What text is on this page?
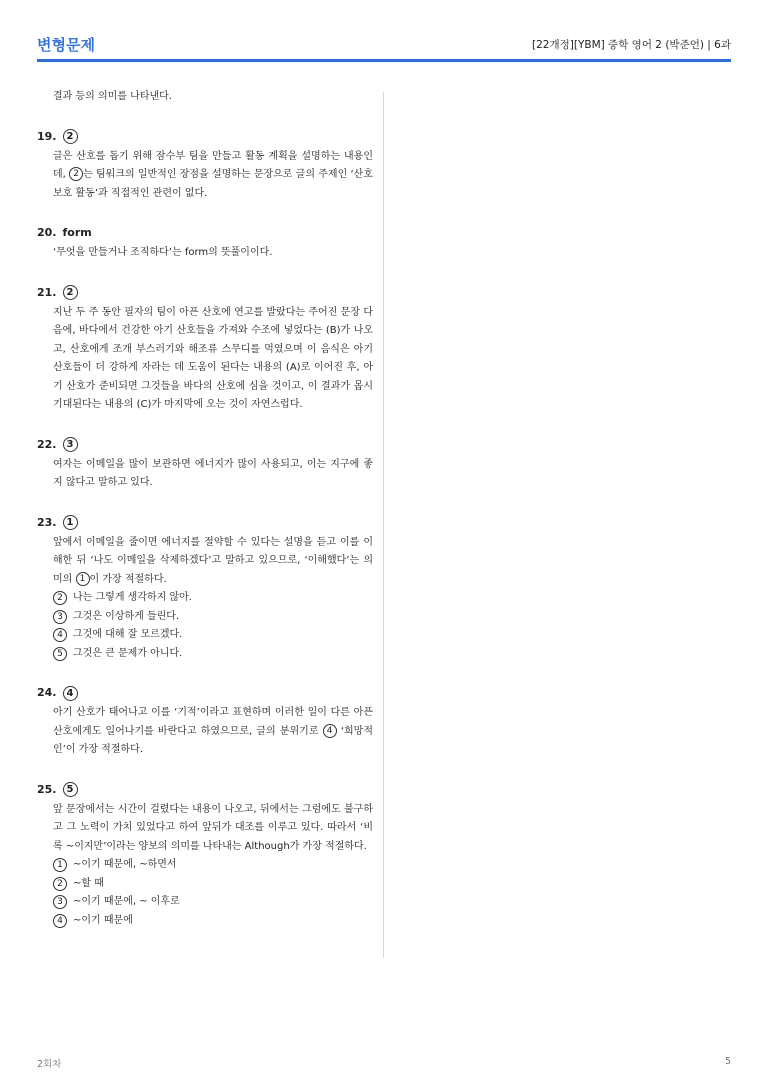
변형문제	[22개정][YBM] 중학 영어 2 (박준언) | 6과

결과 등의 의미를 나타낸다.

19.	2

글은 산호를 돕기 위해 잠수부 팀을 만들고 활동 계획을 설명하는 내용인데, 2 는 팀워크의 일반적인 장점을 설명하는 문장으로 글의 주제인 ‘산호 보호 활동’과 직접적인 관련이 없다.

20. form

‘무엇을 만들거나 조직하다’는 form의 뜻풀이이다.

21.	2

지난 두 주 동안 필자의 팀이 아픈 산호에 연고를 발랐다는 주어진 문장 다음에, 바다에서 건강한 아기 산호들을 가져와 수조에 넣었다는 (B)가 나오고, 산호에게 조개 부스러기와 해조류 스무디를 먹였으며 이 음식은 아기 산호들이 더 강하게 자라는 데 도움이 된다는 내용의 (A)로 이어진 후, 아기 산호가 준비되면 그것들을 바다의 산호에 심을 것이고, 이 결과가 몹시 기대된다는 내용의 (C)가 마지막에 오는 것이 자연스럽다.

22.	3

여자는 이메일을 많이 보관하면 에너지가 많이 사용되고, 이는 지구에 좋지 않다고 말하고 있다.

23.	1

앞에서 이메일을 줄이면 에너지를 절약할 수 있다는 설명을 듣고 이를 이해한 뒤 ‘나도 이메일을 삭제하겠다’고 말하고 있으므로, ‘이해했다’는 의미의 1 이 가장 적절하다.

2	나는 그렇게 생각하지 않아.
3	그것은 이상하게 들린다.
4	그것에 대해 잘 모르겠다.
5	그것은 큰 문제가 아니다.
24.	4

아기 산호가 태어나고 이를 ‘기적’이라고 표현하며 이러한 일이 다른 아픈 산호에게도 일어나기를 바란다고 하였으므로, 글의 분위기로 4 ‘희망적인’이 가장 적절하다.

25.	5

앞 문장에서는 시간이 걸렸다는 내용이 나오고, 뒤에서는 그럼에도 불구하고 그 노력이 가치 있었다고 하여 앞뒤가 대조를 이루고 있다. 따라서 ‘비록 ~이지만’이라는 양보의 의미를 나타내는 Although가 가장 적절하다.

1	~이기 때문에, ~하면서
2	~할 때
3	~이기 때문에, ~ 이후로
4	~이기 때문에
2회차	5
